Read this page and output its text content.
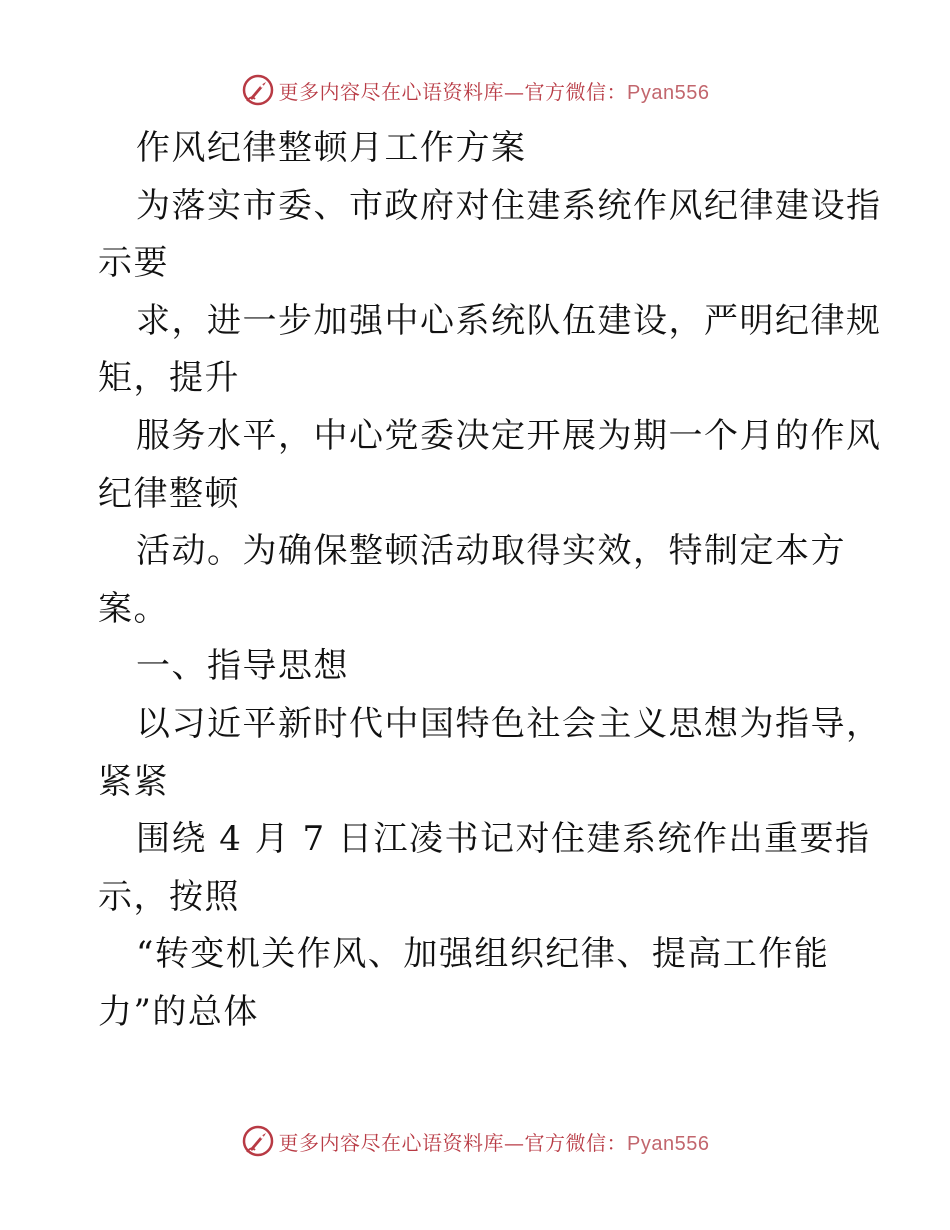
更多内容尽在心语资料库—官方微信：Pyan556
作风纪律整顿月工作方案
为落实市委、市政府对住建系统作风纪律建设指
示要
求，进一步加强中心系统队伍建设，严明纪律规
矩，提升
服务水平，中心党委决定开展为期一个月的作风
纪律整顿
活动。为确保整顿活动取得实效，特制定本方
案。
一、指导思想
以习近平新时代中国特色社会主义思想为指导，
紧紧
围绕 4 月 7 日江凌书记对住建系统作出重要指
示，按照
“转变机关作风、加强组织纪律、提高工作能
力”的总体
更多内容尽在心语资料库—官方微信：Pyan556
